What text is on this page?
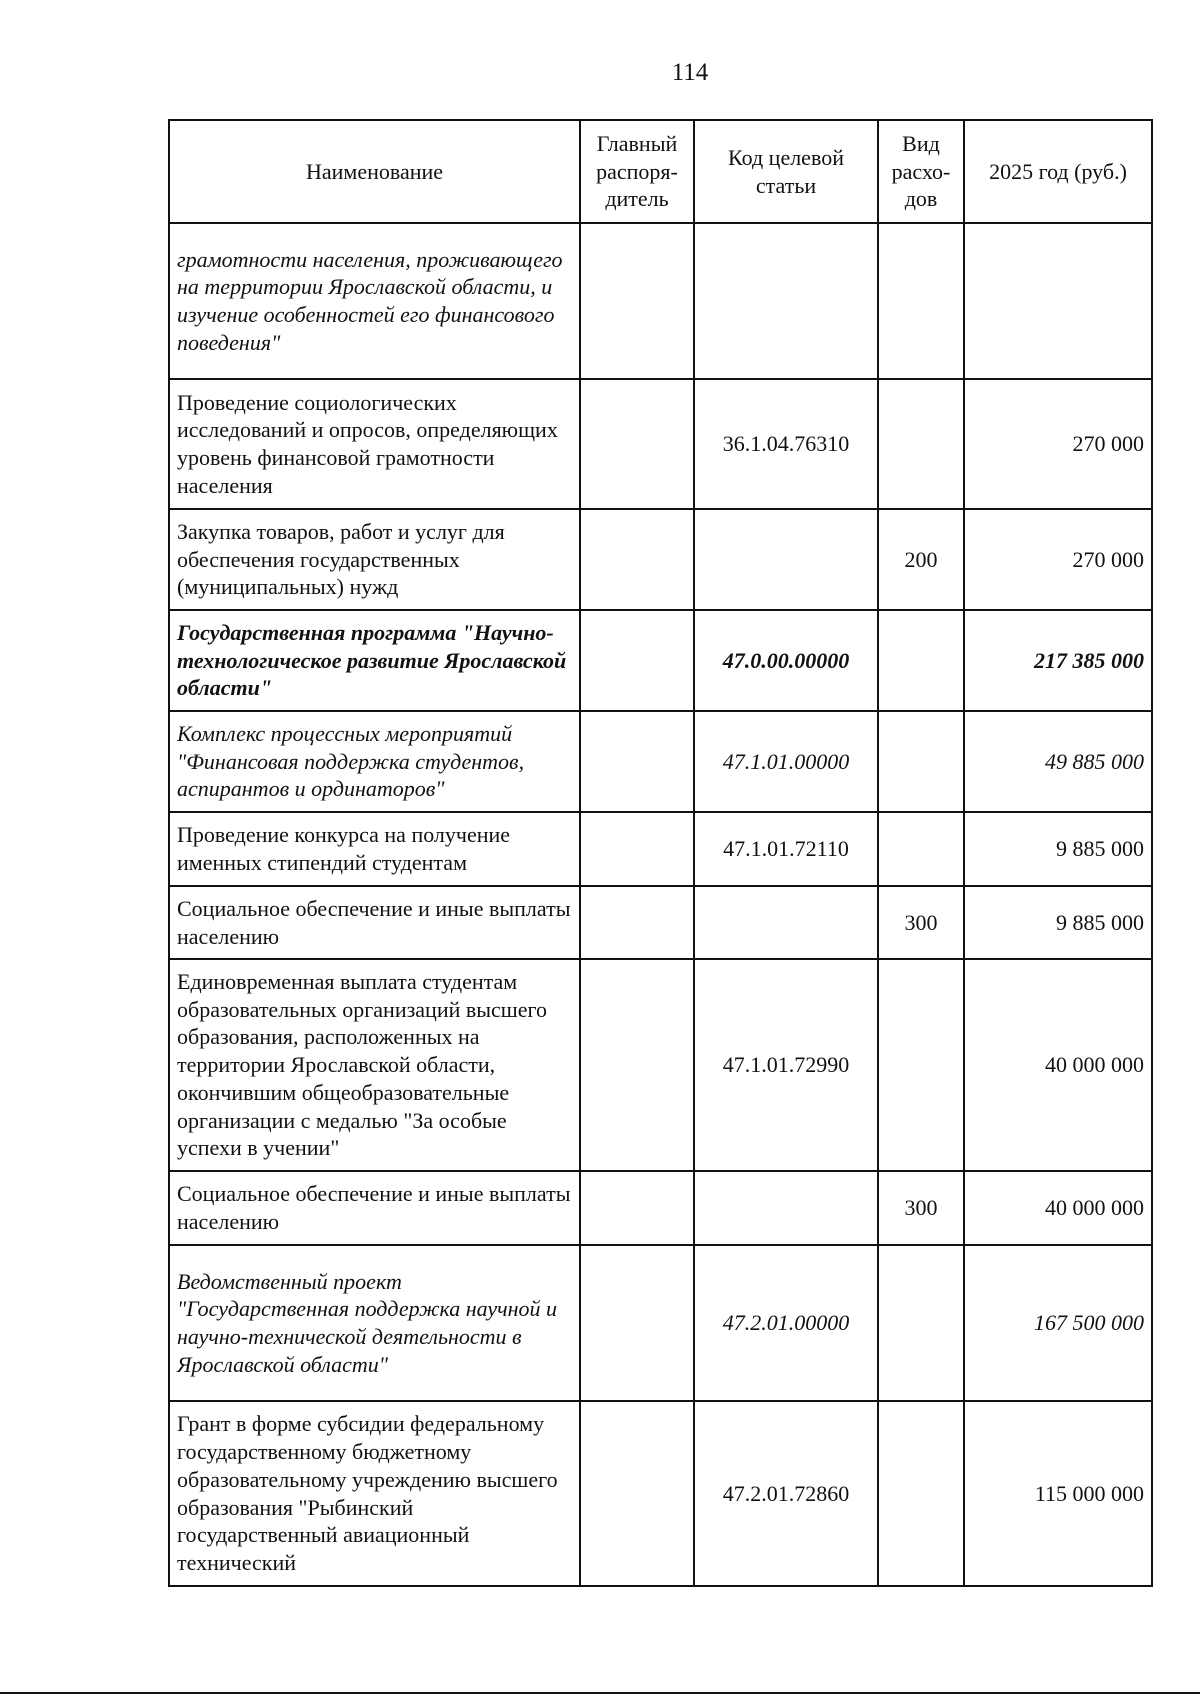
114
Наименование	Главный распоря-дитель	Код целевой статьи	Вид расхо-дов	2025 год (руб.)
грамотности населения, проживающего на территории Ярославской области, и изучение особенностей его финансового поведения"				
Проведение социологических исследований и опросов, определяющих уровень финансовой грамотности населения		36.1.04.76310		270 000
Закупка товаров, работ и услуг для обеспечения государственных (муниципальных) нужд			200	270 000
Государственная программа "Научно-технологическое развитие Ярославской области"		47.0.00.00000		217 385 000
Комплекс процессных мероприятий "Финансовая поддержка студентов, аспирантов и ординаторов"		47.1.01.00000		49 885 000
Проведение конкурса на получение именных стипендий студентам		47.1.01.72110		9 885 000
Социальное обеспечение и иные выплаты населению			300	9 885 000
Единовременная выплата студентам образовательных организаций высшего образования, расположенных на территории Ярославской области, окончившим общеобразовательные организации с медалью "За особые успехи в учении"		47.1.01.72990		40 000 000
Социальное обеспечение и иные выплаты населению			300	40 000 000
Ведомственный проект "Государственная поддержка научной и научно-технической деятельности в Ярославской области"		47.2.01.00000		167 500 000
Грант в форме субсидии федеральному государственному бюджетному образовательному учреждению высшего образования "Рыбинский государственный авиационный технический		47.2.01.72860		115 000 000
